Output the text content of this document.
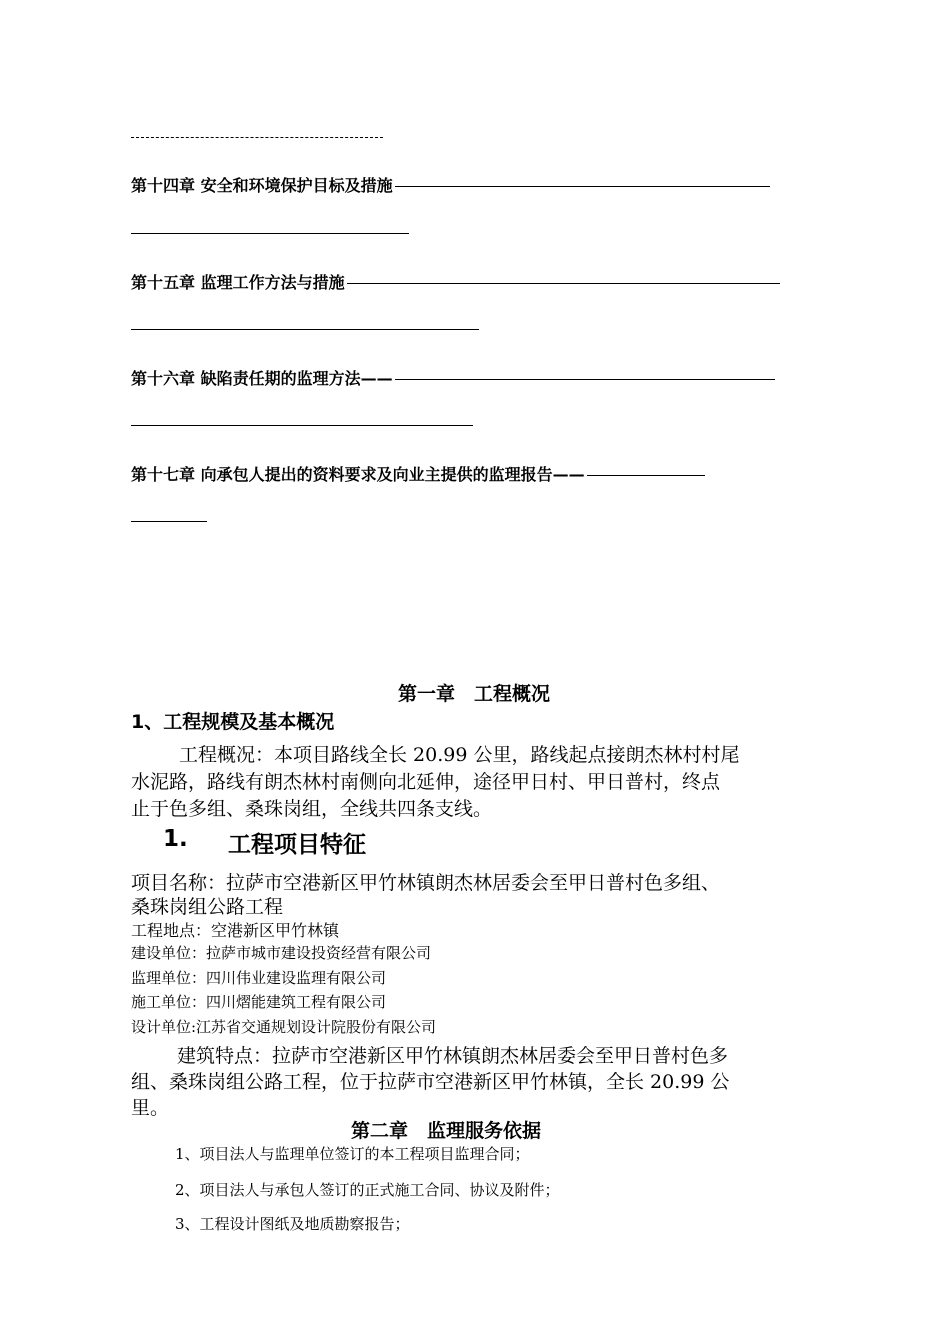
第十四章 安全和环境保护目标及措施
第十五章 监理工作方法与措施
第十六章 缺陷责任期的监理方法——
第十七章 向承包人提出的资料要求及向业主提供的监理报告——
第一章　工程概况
1、工程规模及基本概况
工程概况：本项目路线全长 20.99 公里，路线起点接朗杰林村村尾
水泥路，路线有朗杰林村南侧向北延伸，途径甲日村、甲日普村，终点
止于色多组、桑珠岗组，全线共四条支线。
1. 工程项目特征
项目名称：拉萨市空港新区甲竹林镇朗杰林居委会至甲日普村色多组、
桑珠岗组公路工程
工程地点：空港新区甲竹林镇
建设单位：拉萨市城市建设投资经营有限公司
监理单位：四川伟业建设监理有限公司
施工单位：四川熠能建筑工程有限公司
设计单位:江苏省交通规划设计院股份有限公司
建筑特点：拉萨市空港新区甲竹林镇朗杰林居委会至甲日普村色多
组、桑珠岗组公路工程，位于拉萨市空港新区甲竹林镇，全长 20.99 公
里。
第二章　监理服务依据
1、项目法人与监理单位签订的本工程项目监理合同；
2、项目法人与承包人签订的正式施工合同、协议及附件；
3、工程设计图纸及地质勘察报告；
